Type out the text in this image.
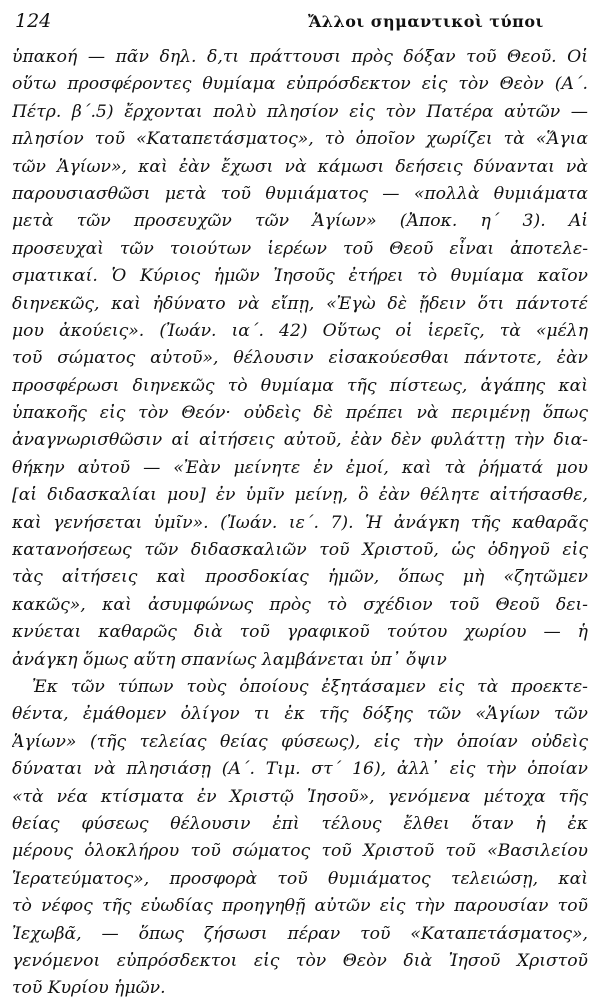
124	Ἄλλοι σημαντικοὶ τύποι
ὑπακοή — πᾶν δηλ. δ,τι πράττουσι πρὸς δόξαν τοῦ Θεοῦ. Οἱ
οὕτω προσφέροντες θυμίαμα εὐπρόσδεκτον εἰς τὸν Θεὸν (Α΄.
Πέτρ. β΄.5) ἔρχονται πολὺ πλησίον εἰς τὸν Πατέρα αὐτῶν —
πλησίον τοῦ «Καταπετάσματος», τὸ ὁποῖον χωρίζει τὰ «Ἅγια
τῶν Ἁγίων», καὶ ἐὰν ἔχωσι νὰ κάμωσι δεήσεις δύνανται νὰ
παρουσιασθῶσι μετὰ τοῦ θυμιάματος — «πολλὰ θυμιάματα
μετὰ τῶν προσευχῶν τῶν Ἁγίων» (Ἀποκ. η΄ 3). Αἱ
προσευχαὶ τῶν τοιούτων ἱερέων τοῦ Θεοῦ εἶναι ἀποτελε-
σματικαί. Ὁ Κύριος ἡμῶν Ἰησοῦς ἐτήρει τὸ θυμίαμα καῖον
διηνεκῶς, καὶ ἠδύνατο νὰ εἴπῃ, «Ἐγὼ δὲ ᾔδειν ὅτι πάντοτέ
μου ἀκούεις». (Ἰωάν. ια΄. 42) Οὕτως οἱ ἱερεῖς, τὰ «μέλη
τοῦ σώματος αὐτοῦ», θέλουσιν εἰσακούεσθαι πάντοτε, ἐὰν
προσφέρωσι διηνεκῶς τὸ θυμίαμα τῆς πίστεως, ἀγάπης καὶ
ὑπακοῆς εἰς τὸν Θεόν· οὐδεὶς δὲ πρέπει νὰ περιμένῃ ὅπως
ἀναγνωρισθῶσιν αἱ αἰτήσεις αὐτοῦ, ἐὰν δὲν φυλάττῃ τὴν δια-
θήκην αὐτοῦ — «Ἐὰν μείνητε ἐν ἐμοί, καὶ τὰ ῥήματά μου
[αἱ διδασκαλίαι μου] ἐν ὑμῖν μείνῃ, ὃ ἐὰν θέλητε αἰτήσασθε,
καὶ γενήσεται ὑμῖν». (Ἰωάν. ιε΄. 7). Ἡ ἀνάγκη τῆς καθαρᾶς
κατανοήσεως τῶν διδασκαλιῶν τοῦ Χριστοῦ, ὡς ὁδηγοῦ εἰς
τὰς αἰτήσεις καὶ προσδοκίας ἡμῶν, ὅπως μὴ «ζητῶμεν
κακῶς», καὶ ἀσυμφώνως πρὸς τὸ σχέδιον τοῦ Θεοῦ δει-
κνύεται καθαρῶς διὰ τοῦ γραφικοῦ τούτου χωρίου — ἡ
ἀνάγκη ὅμως αὕτη σπανίως λαμβάνεται ὑπ᾿ ὄψιν
Ἐκ τῶν τύπων τοὺς ὁποίους ἐξητάσαμεν εἰς τὰ προεκτε-
θέντα, ἐμάθομεν ὀλίγον τι ἐκ τῆς δόξης τῶν «Ἁγίων τῶν
Ἁγίων» (τῆς τελείας θείας φύσεως), εἰς τὴν ὁποίαν οὐδεὶς
δύναται νὰ πλησιάσῃ (Α΄. Τιμ. στ΄ 16), ἀλλ᾿ εἰς τὴν ὁποίαν
«τὰ νέα κτίσματα ἐν Χριστῷ Ἰησοῦ», γενόμενα μέτοχα τῆς
θείας φύσεως θέλουσιν ἐπὶ τέλους ἔλθει ὅταν ἡ ἐκ
μέρους ὁλοκλήρου τοῦ σώματος τοῦ Χριστοῦ τοῦ «Βασιλείου
Ἱερατεύματος», προσφορὰ τοῦ θυμιάματος τελειώσῃ, καὶ
τὸ νέφος τῆς εὐωδίας προηγηθῇ αὐτῶν εἰς τὴν παρουσίαν τοῦ
Ἰεχωβᾶ, — ὅπως ζήσωσι πέραν τοῦ «Καταπετάσματος»,
γενόμενοι εὐπρόσδεκτοι εἰς τὸν Θεὸν διὰ Ἰησοῦ Χριστοῦ
τοῦ Κυρίου ἡμῶν.
